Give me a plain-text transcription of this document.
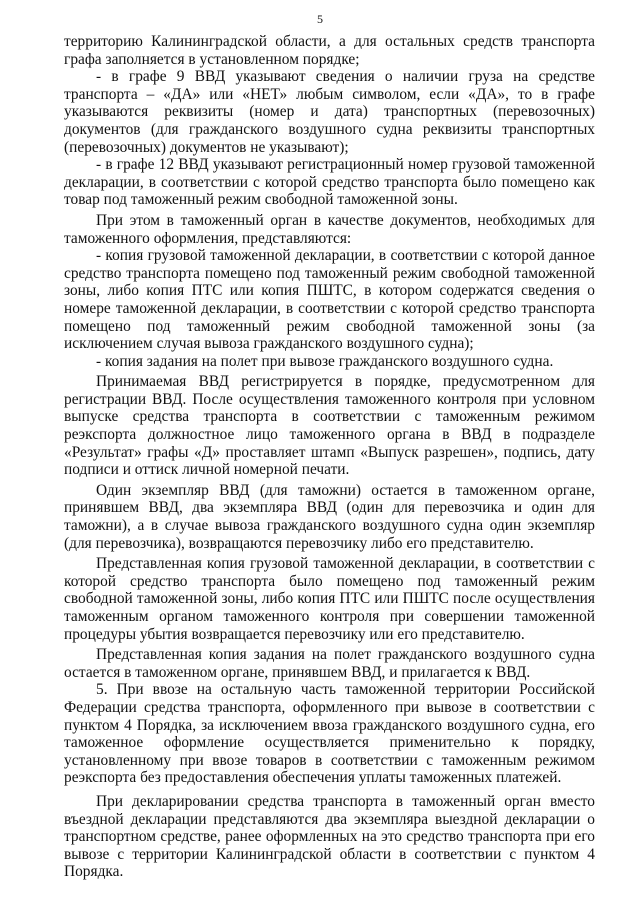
5

территорию Калининградской области, а для остальных средств транспорта графа заполняется в установленном порядке;

- в графе 9 ВВД указывают сведения о наличии груза на средстве транспорта – «ДА» или «НЕТ» любым символом, если «ДА», то в графе указываются реквизиты (номер и дата) транспортных (перевозочных) документов (для гражданского воздушного судна реквизиты транспортных (перевозочных) документов не указывают);

- в графе 12 ВВД указывают регистрационный номер грузовой таможенной декларации, в соответствии с которой средство транспорта было помещено как товар под таможенный режим свободной таможенной зоны.

При этом в таможенный орган в качестве документов, необходимых для таможенного оформления, представляются:

- копия грузовой таможенной декларации, в соответствии с которой данное средство транспорта помещено под таможенный режим свободной таможенной зоны, либо копия ПТС или копия ПШТС, в котором содержатся сведения о номере таможенной декларации, в соответствии с которой средство транспорта помещено под таможенный режим свободной таможенной зоны (за исключением случая вывоза гражданского воздушного судна);

- копия задания на полет при вывозе гражданского воздушного судна.

Принимаемая ВВД регистрируется в порядке, предусмотренном для регистрации ВВД. После осуществления таможенного контроля при условном выпуске средства транспорта в соответствии с таможенным режимом реэкспорта должностное лицо таможенного органа в ВВД в подразделе «Результат» графы «Д» проставляет штамп «Выпуск разрешен», подпись, дату подписи и оттиск личной номерной печати.

Один экземпляр ВВД (для таможни) остается в таможенном органе, принявшем ВВД, два экземпляра ВВД (один для перевозчика и один для таможни), а в случае вывоза гражданского воздушного судна один экземпляр (для перевозчика), возвращаются перевозчику либо его представителю.

Представленная копия грузовой таможенной декларации, в соответствии с которой средство транспорта было помещено под таможенный режим свободной таможенной зоны, либо копия ПТС или ПШТС после осуществления таможенным органом таможенного контроля при совершении таможенной процедуры убытия возвращается перевозчику или его представителю.

Представленная копия задания на полет гражданского воздушного судна остается в таможенном органе, принявшем ВВД, и прилагается к ВВД.

5. При ввозе на остальную часть таможенной территории Российской Федерации средства транспорта, оформленного при вывозе в соответствии с пунктом 4 Порядка, за исключением ввоза гражданского воздушного судна, его таможенное оформление осуществляется применительно к порядку, установленному при ввозе товаров в соответствии с таможенным режимом реэкспорта без предоставления обеспечения уплаты таможенных платежей.

При декларировании средства транспорта в таможенный орган вместо въездной декларации представляются два экземпляра выездной декларации о транспортном средстве, ранее оформленных на это средство транспорта при его вывозе с территории Калининградской области в соответствии с пунктом 4 Порядка.
